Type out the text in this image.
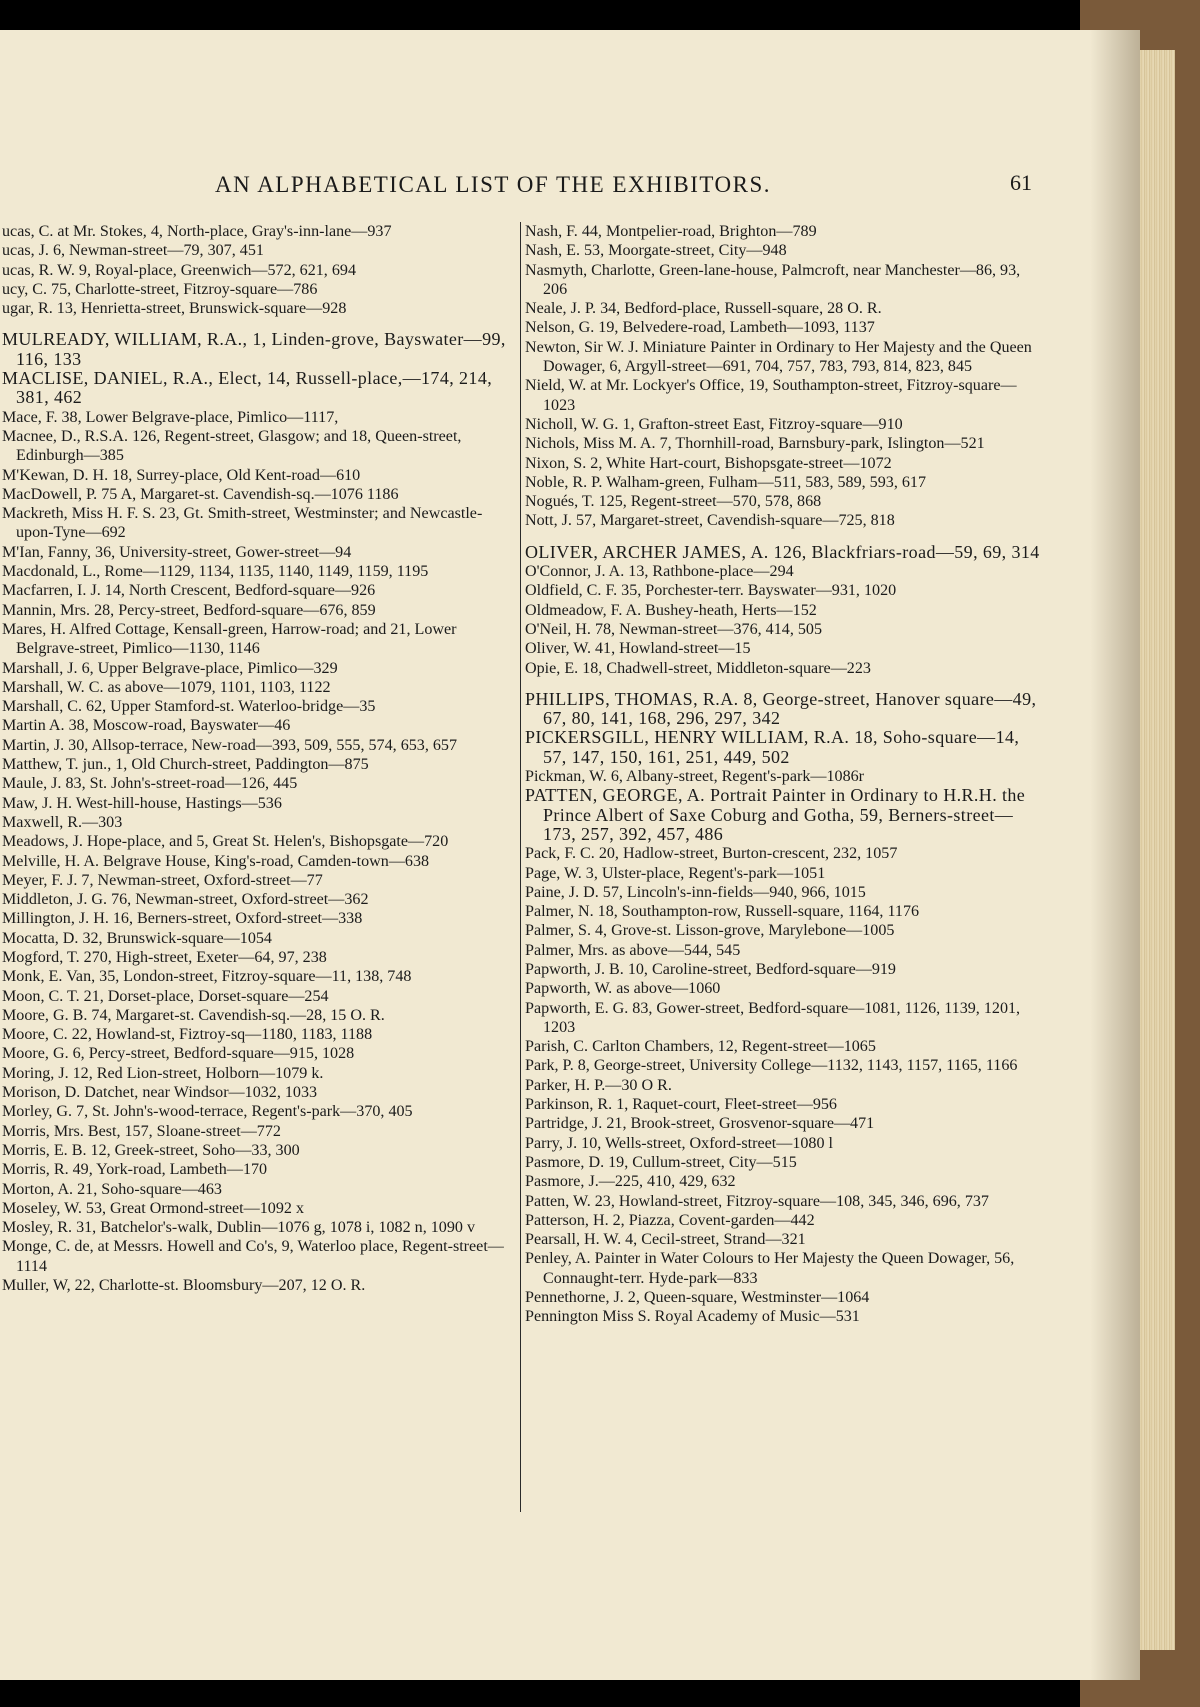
AN ALPHABETICAL LIST OF THE EXHIBITORS.	61

ucas, C. at Mr. Stokes, 4, North-place, Gray's-inn-lane—937

ucas, J. 6, Newman-street—79, 307, 451

ucas, R. W. 9, Royal-place, Greenwich—572, 621, 694

ucy, C. 75, Charlotte-street, Fitzroy-square—786

ugar, R. 13, Henrietta-street, Brunswick-square—928

MULREADY, WILLIAM, R.A., 1, Linden-grove, Bayswater—99, 116, 133

MACLISE, DANIEL, R.A., Elect, 14, Russell-place,—174, 214, 381, 462

Mace, F. 38, Lower Belgrave-place, Pimlico—1117,

Macnee, D., R.S.A. 126, Regent-street, Glasgow; and 18, Queen-street, Edinburgh—385

M'Kewan, D. H. 18, Surrey-place, Old Kent-road—610

MacDowell, P. 75 A, Margaret-st. Cavendish-sq.—1076 1186

Mackreth, Miss H. F. S. 23, Gt. Smith-street, Westminster; and Newcastle-upon-Tyne—692

M'Ian, Fanny, 36, University-street, Gower-street—94

Macdonald, L., Rome—1129, 1134, 1135, 1140, 1149, 1159, 1195

Macfarren, I. J. 14, North Crescent, Bedford-square—926

Mannin, Mrs. 28, Percy-street, Bedford-square—676, 859

Mares, H. Alfred Cottage, Kensall-green, Harrow-road; and 21, Lower Belgrave-street, Pimlico—1130, 1146

Marshall, J. 6, Upper Belgrave-place, Pimlico—329

Marshall, W. C. as above—1079, 1101, 1103, 1122

Marshall, C. 62, Upper Stamford-st. Waterloo-bridge—35

Martin A. 38, Moscow-road, Bayswater—46

Martin, J. 30, Allsop-terrace, New-road—393, 509, 555, 574, 653, 657

Matthew, T. jun., 1, Old Church-street, Paddington—875

Maule, J. 83, St. John's-street-road—126, 445

Maw, J. H. West-hill-house, Hastings—536

Maxwell, R.—303

Meadows, J. Hope-place, and 5, Great St. Helen's, Bishopsgate—720

Melville, H. A. Belgrave House, King's-road, Camden-town—638

Meyer, F. J. 7, Newman-street, Oxford-street—77

Middleton, J. G. 76, Newman-street, Oxford-street—362

Millington, J. H. 16, Berners-street, Oxford-street—338

Mocatta, D. 32, Brunswick-square—1054

Mogford, T. 270, High-street, Exeter—64, 97, 238

Monk, E. Van, 35, London-street, Fitzroy-square—11, 138, 748

Moon, C. T. 21, Dorset-place, Dorset-square—254

Moore, G. B. 74, Margaret-st. Cavendish-sq.—28, 15 O. R.

Moore, C. 22, Howland-st, Fiztroy-sq—1180, 1183, 1188

Moore, G. 6, Percy-street, Bedford-square—915, 1028

Moring, J. 12, Red Lion-street, Holborn—1079 k.

Morison, D. Datchet, near Windsor—1032, 1033

Morley, G. 7, St. John's-wood-terrace, Regent's-park—370, 405

Morris, Mrs. Best, 157, Sloane-street—772

Morris, E. B. 12, Greek-street, Soho—33, 300

Morris, R. 49, York-road, Lambeth—170

Morton, A. 21, Soho-square—463

Moseley, W. 53, Great Ormond-street—1092 x

Mosley, R. 31, Batchelor's-walk, Dublin—1076 g, 1078 i, 1082 n, 1090 v

Monge, C. de, at Messrs. Howell and Co's, 9, Waterloo place, Regent-street—1114

Muller, W, 22, Charlotte-st. Bloomsbury—207, 12 O. R.

Nash, F. 44, Montpelier-road, Brighton—789

Nash, E. 53, Moorgate-street, City—948

Nasmyth, Charlotte, Green-lane-house, Palmcroft, near Manchester—86, 93, 206

Neale, J. P. 34, Bedford-place, Russell-square, 28 O. R.

Nelson, G. 19, Belvedere-road, Lambeth—1093, 1137

Newton, Sir W. J. Miniature Painter in Ordinary to Her Majesty and the Queen Dowager, 6, Argyll-street—691, 704, 757, 783, 793, 814, 823, 845

Nield, W. at Mr. Lockyer's Office, 19, Southampton-street, Fitzroy-square—1023

Nicholl, W. G. 1, Grafton-street East, Fitzroy-square—910

Nichols, Miss M. A. 7, Thornhill-road, Barnsbury-park, Islington—521

Nixon, S. 2, White Hart-court, Bishopsgate-street—1072

Noble, R. P. Walham-green, Fulham—511, 583, 589, 593, 617

Nogués, T. 125, Regent-street—570, 578, 868

Nott, J. 57, Margaret-street, Cavendish-square—725, 818

OLIVER, ARCHER JAMES, A. 126, Blackfriars-road—59, 69, 314

O'Connor, J. A. 13, Rathbone-place—294

Oldfield, C. F. 35, Porchester-terr. Bayswater—931, 1020

Oldmeadow, F. A. Bushey-heath, Herts—152

O'Neil, H. 78, Newman-street—376, 414, 505

Oliver, W. 41, Howland-street—15

Opie, E. 18, Chadwell-street, Middleton-square—223

PHILLIPS, THOMAS, R.A. 8, George-street, Hanover square—49, 67, 80, 141, 168, 296, 297, 342

PICKERSGILL, HENRY WILLIAM, R.A. 18, Soho-square—14, 57, 147, 150, 161, 251, 449, 502

Pickman, W. 6, Albany-street, Regent's-park—1086r

PATTEN, GEORGE, A. Portrait Painter in Ordinary to H.R.H. the Prince Albert of Saxe Coburg and Gotha, 59, Berners-street—173, 257, 392, 457, 486

Pack, F. C. 20, Hadlow-street, Burton-crescent, 232, 1057

Page, W. 3, Ulster-place, Regent's-park—1051

Paine, J. D. 57, Lincoln's-inn-fields—940, 966, 1015

Palmer, N. 18, Southampton-row, Russell-square, 1164, 1176

Palmer, S. 4, Grove-st. Lisson-grove, Marylebone—1005

Palmer, Mrs. as above—544, 545

Papworth, J. B. 10, Caroline-street, Bedford-square—919

Papworth, W. as above—1060

Papworth, E. G. 83, Gower-street, Bedford-square—1081, 1126, 1139, 1201, 1203

Parish, C. Carlton Chambers, 12, Regent-street—1065

Park, P. 8, George-street, University College—1132, 1143, 1157, 1165, 1166

Parker, H. P.—30 O R.

Parkinson, R. 1, Raquet-court, Fleet-street—956

Partridge, J. 21, Brook-street, Grosvenor-square—471

Parry, J. 10, Wells-street, Oxford-street—1080 l

Pasmore, D. 19, Cullum-street, City—515

Pasmore, J.—225, 410, 429, 632

Patten, W. 23, Howland-street, Fitzroy-square—108, 345, 346, 696, 737

Patterson, H. 2, Piazza, Covent-garden—442

Pearsall, H. W. 4, Cecil-street, Strand—321

Penley, A. Painter in Water Colours to Her Majesty the Queen Dowager, 56, Connaught-terr. Hyde-park—833

Pennethorne, J. 2, Queen-square, Westminster—1064

Pennington Miss S. Royal Academy of Music—531
